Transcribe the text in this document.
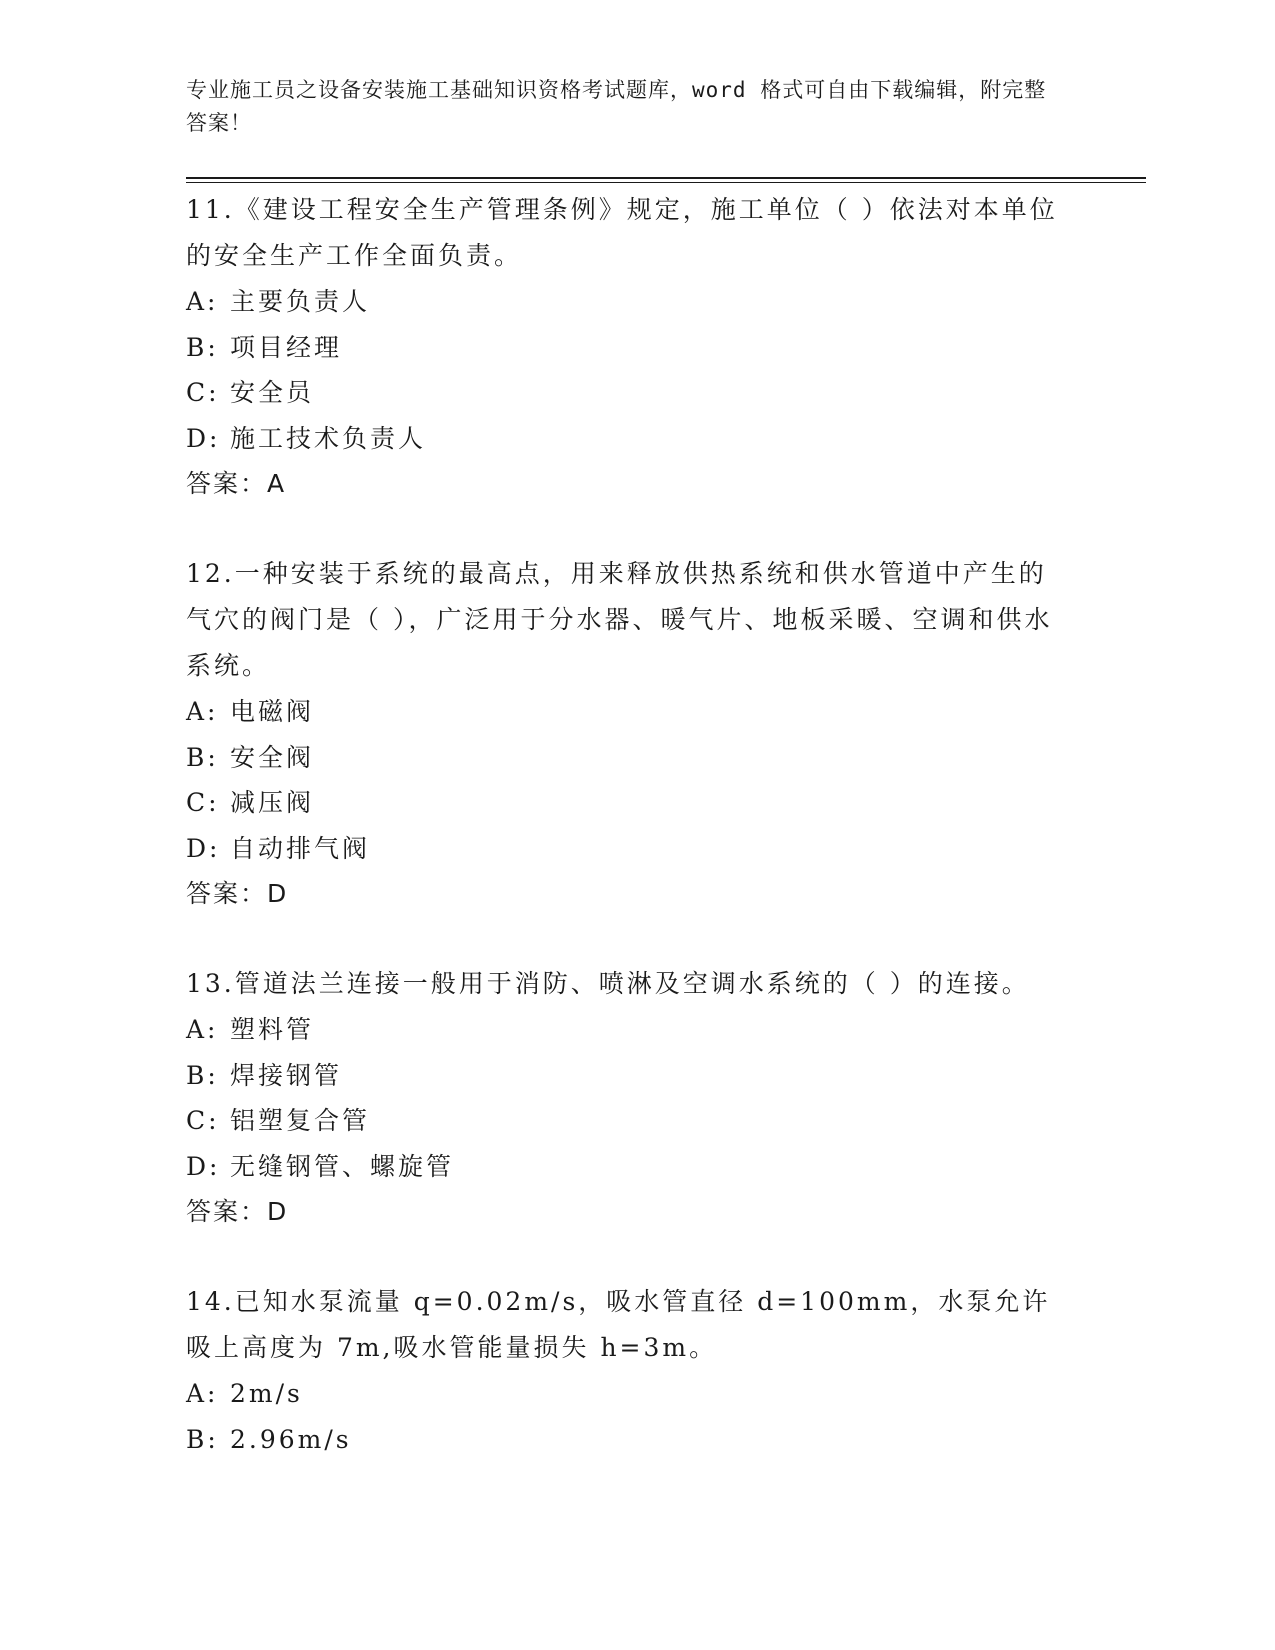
专业施工员之设备安装施工基础知识资格考试题库，word 格式可自由下载编辑，附完整答案！

11.《建设工程安全生产管理条例》规定，施工单位（ ）依法对本单位的安全生产工作全面负责。

A: 主要负责人

B: 项目经理

C: 安全员

D: 施工技术负责人

答案：A

12.一种安装于系统的最高点，用来释放供热系统和供水管道中产生的气穴的阀门是（ ），广泛用于分水器、暖气片、地板采暖、空调和供水系统。

A: 电磁阀

B: 安全阀

C: 减压阀

D: 自动排气阀

答案：D

13.管道法兰连接一般用于消防、喷淋及空调水系统的（ ）的连接。

A: 塑料管

B: 焊接钢管

C: 铝塑复合管

D: 无缝钢管、螺旋管

答案：D

14.已知水泵流量 q=0.02m/s，吸水管直径 d=100mm，水泵允许吸上高度为 7m,吸水管能量损失 h=3m。

A: 2m/s

B: 2.96m/s
